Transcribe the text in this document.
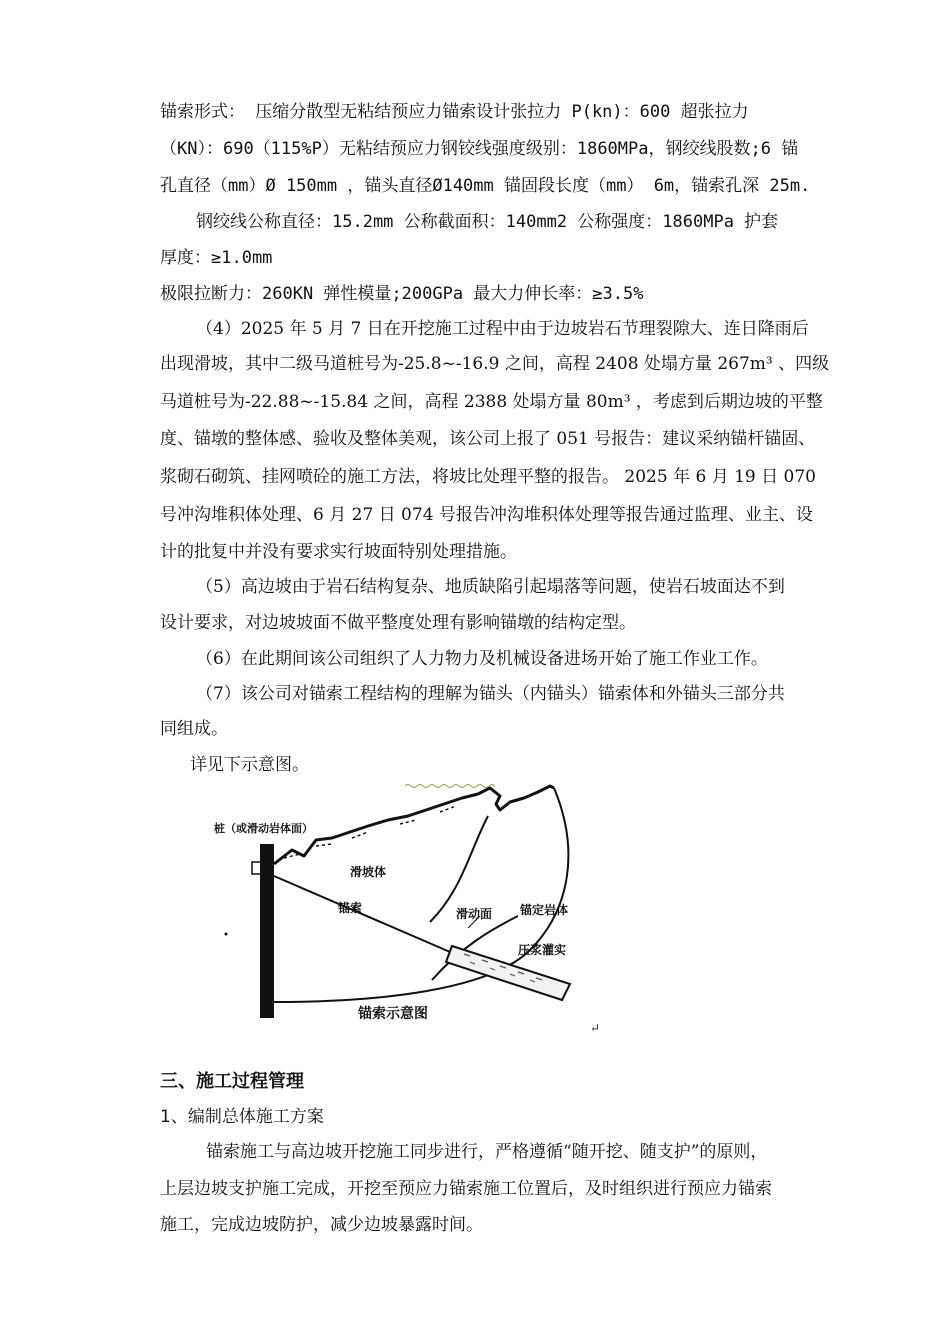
锚索形式： 压缩分散型无粘结预应力锚索设计张拉力 P(kn)：600 超张拉力
（KN）：690（115%P）无粘结预应力钢铰线强度级别：1860MPa，钢绞线股数;6 锚
孔直径（mm）Ø 150mm ，锚头直径Ø140mm 锚固段长度（mm） 6m，锚索孔深 25m.
钢绞线公称直径：15.2mm 公称截面积：140mm2 公称强度：1860MPa 护套
厚度：≥1.0mm
极限拉断力：260KN 弹性模量;200GPa 最大力伸长率：≥3.5%
（4）2025 年 5 月 7 日在开挖施工过程中由于边坡岩石节理裂隙大、连日降雨后
出现滑坡，其中二级马道桩号为-25.8~-16.9 之间，高程 2408 处塌方量 267m³ 、四级
马道桩号为-22.88~-15.84 之间，高程 2388 处塌方量 80m³ ，考虑到后期边坡的平整
度、锚墩的整体感、验收及整体美观，该公司上报了 051 号报告：建议采纳锚杆锚固、
浆砌石砌筑、挂网喷砼的施工方法，将坡比处理平整的报告。 2025 年 6 月 19 日 070
号冲沟堆积体处理、6 月 27 日 074 号报告冲沟堆积体处理等报告通过监理、业主、设
计的批复中并没有要求实行坡面特别处理措施。
（5）高边坡由于岩石结构复杂、地质缺陷引起塌落等问题，使岩石坡面达不到
设计要求，对边坡坡面不做平整度处理有影响锚墩的结构定型。
（6）在此期间该公司组织了人力物力及机械设备进场开始了施工作业工作。
（7）该公司对锚索工程结构的理解为锚头（内锚头）锚索体和外锚头三部分共
同组成。
详见下示意图。
桩（或滑动岩体面）
滑坡体
锚索	滑动面 锚定岩体
压浆灌实
锚索示意图
↵
三、施工过程管理
1、编制总体施工方案
锚索施工与高边坡开挖施工同步进行，严格遵循“随开挖、随支护”的原则，
上层边坡支护施工完成，开挖至预应力锚索施工位置后，及时组织进行预应力锚索
施工，完成边坡防护，减少边坡暴露时间。
